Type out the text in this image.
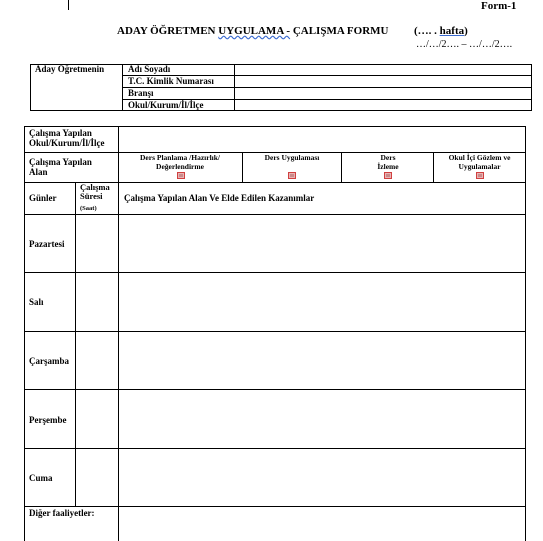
Form-1
ADAY ÖĞRETMEN UYGULAMA - ÇALIŞMA FORMU (…. . hafta)
…/…/2…. – …/…/2….
Aday Öğretmenin	Adı Soyadı
T.C. Kimlik Numarası
Branşı
Okul/Kurum/İl/İlçe
Çalışma Yapılan Okul/Kurum/İl/İlçe
Çalışma Yapılan Alan
Ders Planlama /Hazırlık/ Değerlendirme
Ders Uygulaması	Ders İzleme
Okul İçi Gözlem ve Uygulamalar
Günler
Çalışma Süresi
(Saat)
Çalışma Yapılan Alan Ve Elde Edilen Kazanımlar
Pazartesi
Salı
Çarşamba
Perşembe
Cuma
Diğer faaliyetler:
